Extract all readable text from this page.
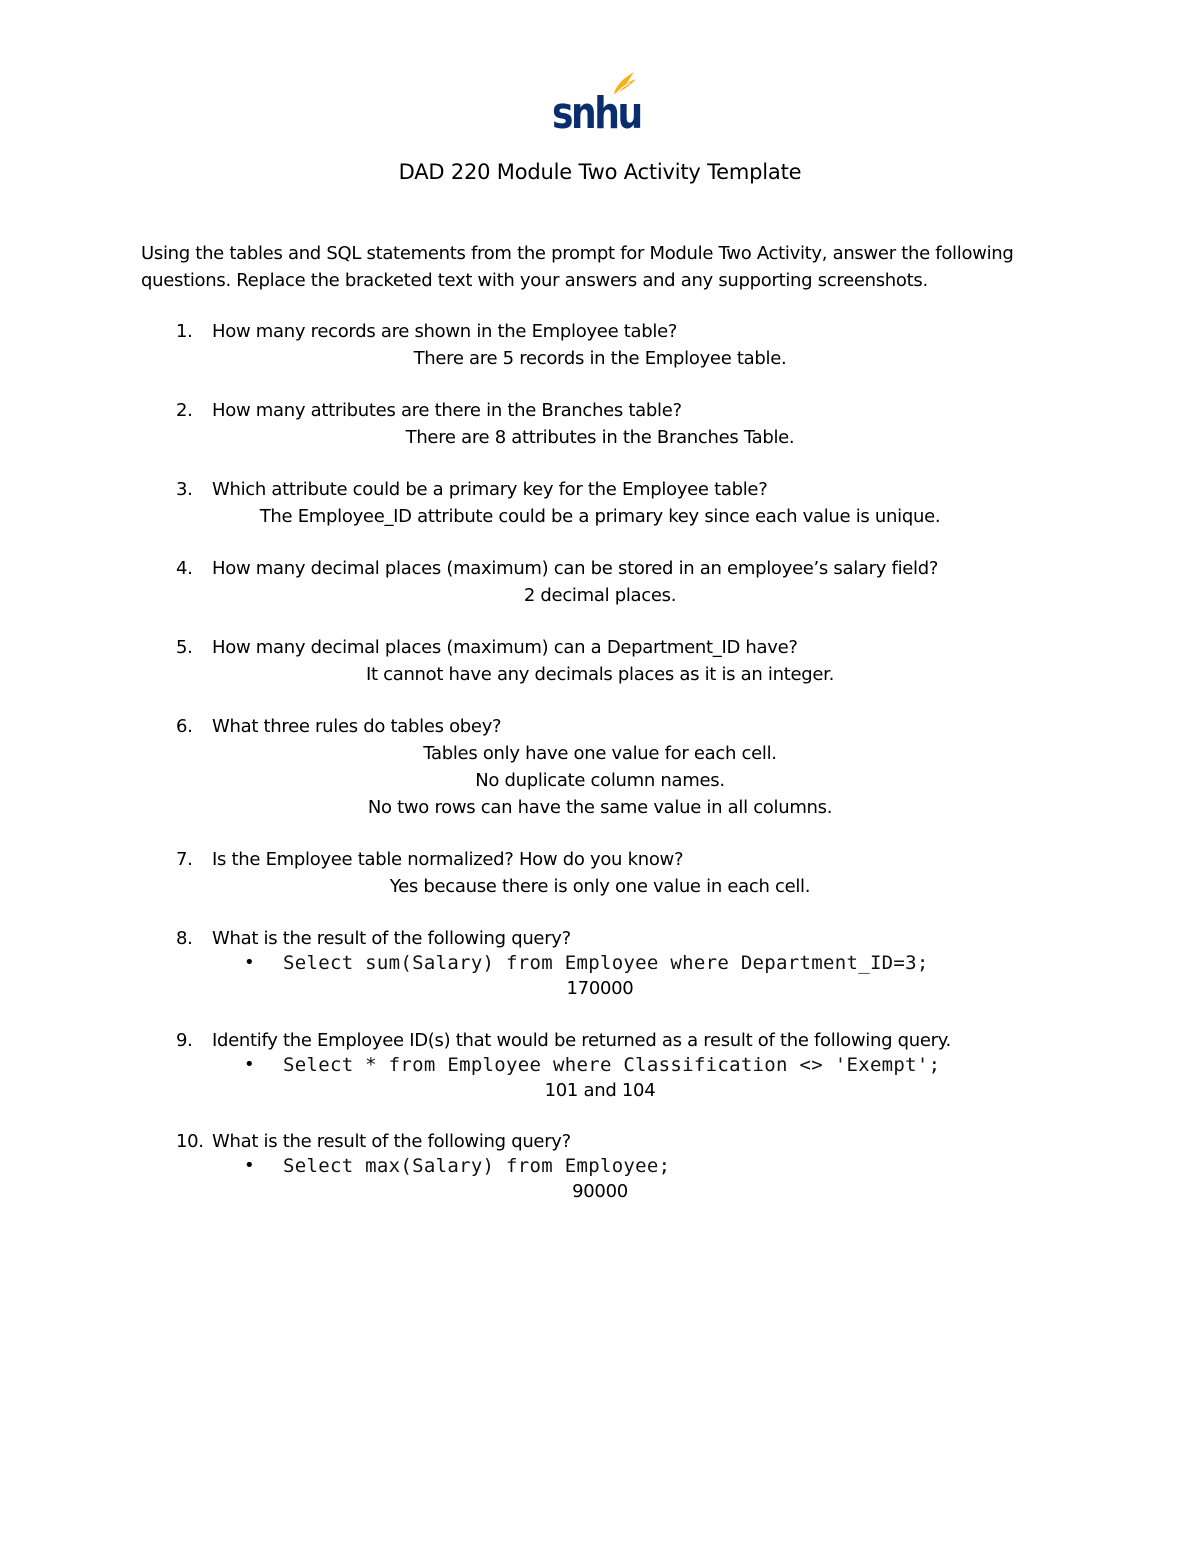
snhu
DAD 220 Module Two Activity Template
Using the tables and SQL statements from the prompt for Module Two Activity, answer the following questions. Replace the bracketed text with your answers and any supporting screenshots.
1. How many records are shown in the Employee table?
There are 5 records in the Employee table.
2. How many attributes are there in the Branches table?
There are 8 attributes in the Branches Table.
3. Which attribute could be a primary key for the Employee table?
The Employee_ID attribute could be a primary key since each value is unique.
4. How many decimal places (maximum) can be stored in an employee’s salary field?
2 decimal places.
5. How many decimal places (maximum) can a Department_ID have?
It cannot have any decimals places as it is an integer.
6. What three rules do tables obey?
Tables only have one value for each cell.
No duplicate column names.
No two rows can have the same value in all columns.
7. Is the Employee table normalized? How do you know?
Yes because there is only one value in each cell.
8. What is the result of the following query?
• Select sum(Salary) from Employee where Department_ID=3;
170000
9. Identify the Employee ID(s) that would be returned as a result of the following query.
• Select * from Employee where Classification <> 'Exempt';
101 and 104
10. What is the result of the following query?
• Select max(Salary) from Employee;
90000
